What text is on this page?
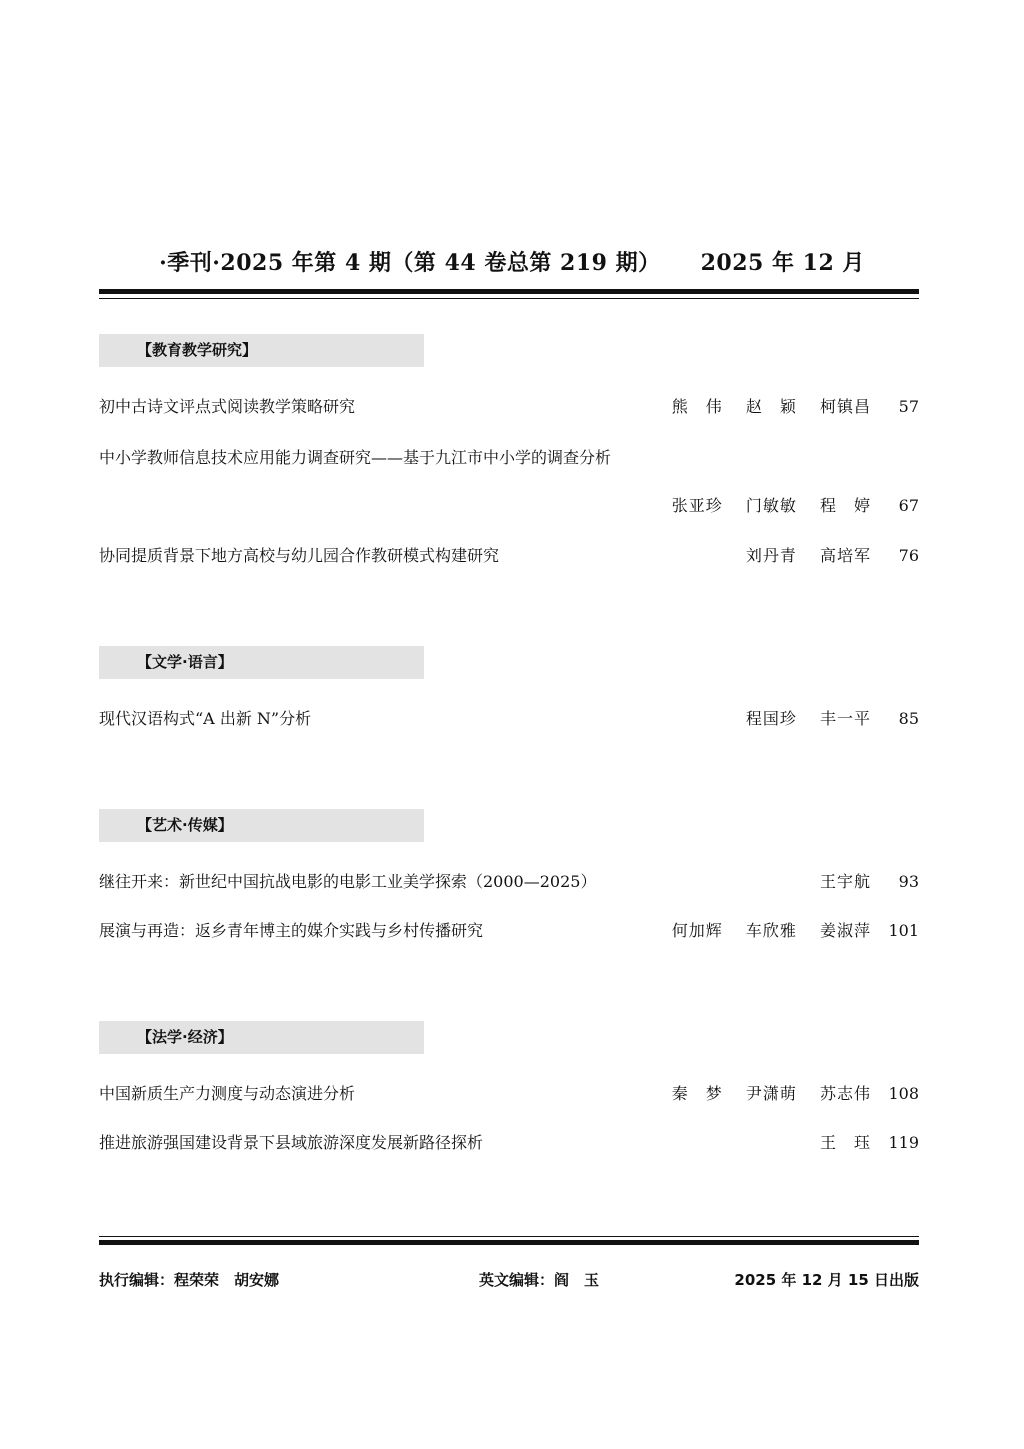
·季刊·2025 年第 4 期（第 44 卷总第 219 期） 2025 年 12 月
【教育教学研究】
初中古诗文评点式阅读教学策略研究	熊　伟 赵　颖 柯镇昌 57
中小学教师信息技术应用能力调查研究——基于九江市中小学的调查分析
张亚珍 门敏敏 程　婷 67
协同提质背景下地方高校与幼儿园合作教研模式构建研究	刘丹青 高培军 76
【文学·语言】
现代汉语构式“A 出新 N”分析	程国珍 丰一平 85
【艺术·传媒】
继往开来：新世纪中国抗战电影的电影工业美学探索（2000—2025）	王宇航 93
展演与再造：返乡青年博主的媒介实践与乡村传播研究	何加辉 车欣雅 姜淑萍 101
【法学·经济】
中国新质生产力测度与动态演进分析	秦　梦 尹潇萌 苏志伟 108
推进旅游强国建设背景下县域旅游深度发展新路径探析	王　珏 119
执行编辑：程荣荣　胡安娜	英文编辑：阎　玉	2025 年 12 月 15 日出版
